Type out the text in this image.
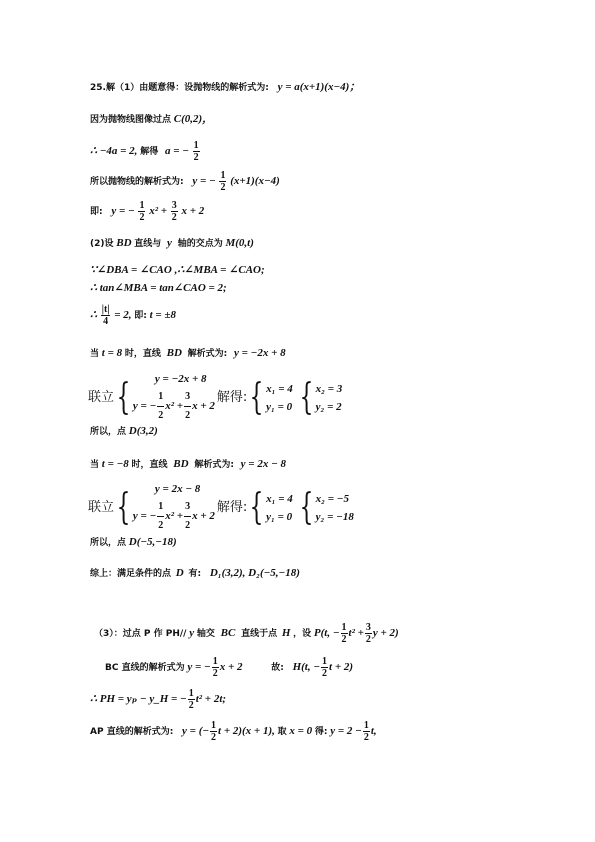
25.解（1）由题意得：设抛物线的解析式为: y = a(x+1)(x−4)；
因为抛物线图像过点 C(0,2)，
∴ −4a = 2, 解得 a = − $\frac{1}{2}$
所以抛物线的解析式为: y = − $\frac{1}{2} (x+1)(x-4)$
即: y = − $\frac{1}{2} x^2 + \frac{3}{2}$ x + 2
(2)设 BD 直线与 y 轴的交点为 M(0,t)
∵∠DBA = ∠CAO ,∴∠MBA = ∠CAO;
∴ tan∠MBA = tan∠CAO = 2;
∴ $\frac{|t|}{4} = 2$, 即: t = ±8
当 t = 8 时，直线 BD 解析式为: y = −2x + 8
联立 {	y = −2x + 8
y = − $\frac{1}{2} x^2 + \frac{3}{2}$ x + 2
解得: { x₁ = 4
y₁ = 0 { x₂ = 3
y₂ = 2
所以，点 D(3,2)
当 t = −8 时，直线 BD 解析式为: y = 2x − 8
联立 {	y = 2x − 8
y = − $\frac{1}{2} x^2 + \frac{3}{2}$ x + 2
解得: { x₁ = 4
y₁ = 0 { x₂ = −5
y₂ = −18
所以，点 D(−5,−18)
综上：满足条件的点 D 有: D₁(3,2), D₂(−5,−18)
（3）：过点 P 作 PH// y 轴交 BC 直线于点 H ，设 P(t, − $\frac{1}{2} t^2 + \frac{3}{2}$ y + 2)
BC 直线的解析式为 y = − $\frac{1}{2}$ x + 2	故: H(t, − $\frac{1}{2}$ t + 2)
∴ PH = yₚ − y_H = − $\frac{1}{2} t^2 + 2t$;
AP 直线的解析式为: y = (− $\frac{1}{2}$ t + 2)(x + 1), 取 x = 0 得: $y = 2 - \frac{1}{2} t$,
